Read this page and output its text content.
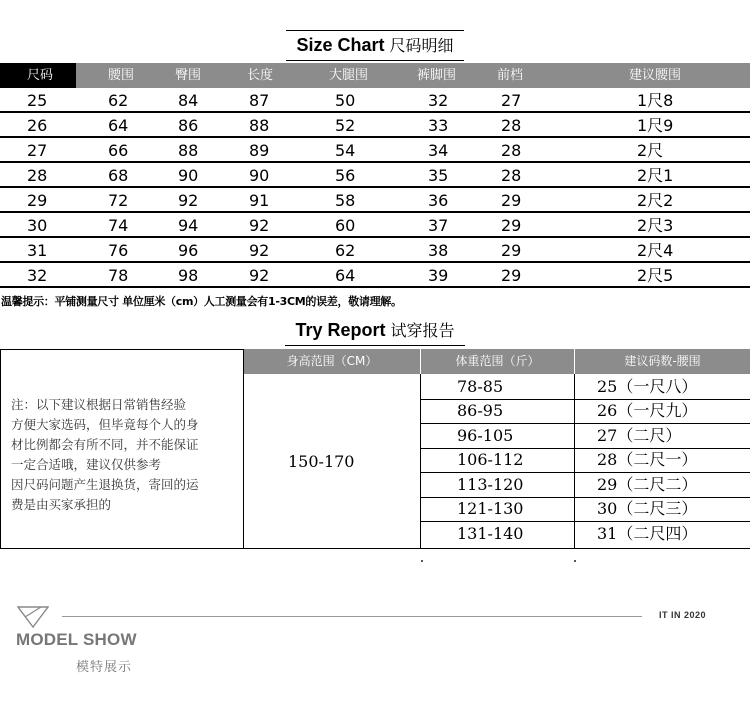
Size Chart 尺码明细
尺码	腰围	臀围	长度	大腿围	裤脚围	前档	建议腰围
25	62	84	87	50	32	27	1尺8
26	64	86	88	52	33	28	1尺9
27	66	88	89	54	34	28	2尺
28	68	90	90	56	35	28	2尺1
29	72	92	91	58	36	29	2尺2
30	74	94	92	60	37	29	2尺3
31	76	96	92	62	38	29	2尺4
32	78	98	92	64	39	29	2尺5
温馨提示：平铺测量尺寸 单位厘米（cm）人工测量会有1-3CM的误差，敬请理解。
Try Report 试穿报告
身高范围（CM）	体重范围（斤）	建议码数-腰围
注：以下建议根据日常销售经验
方便大家选码，但毕竟每个人的身
材比例都会有所不同，并不能保证
一定合适哦，建议仅供参考
因尺码问题产生退换货，寄回的运
费是由买家承担的
150-170
78-85	25（一尺八）
86-95	26（一尺九）
96-105	27（二尺）
106-112	28（二尺一）
113-120	29（二尺二）
121-130	30（二尺三）
131-140	31（二尺四）
MODEL SHOW
模特展示
IT IN 2020
